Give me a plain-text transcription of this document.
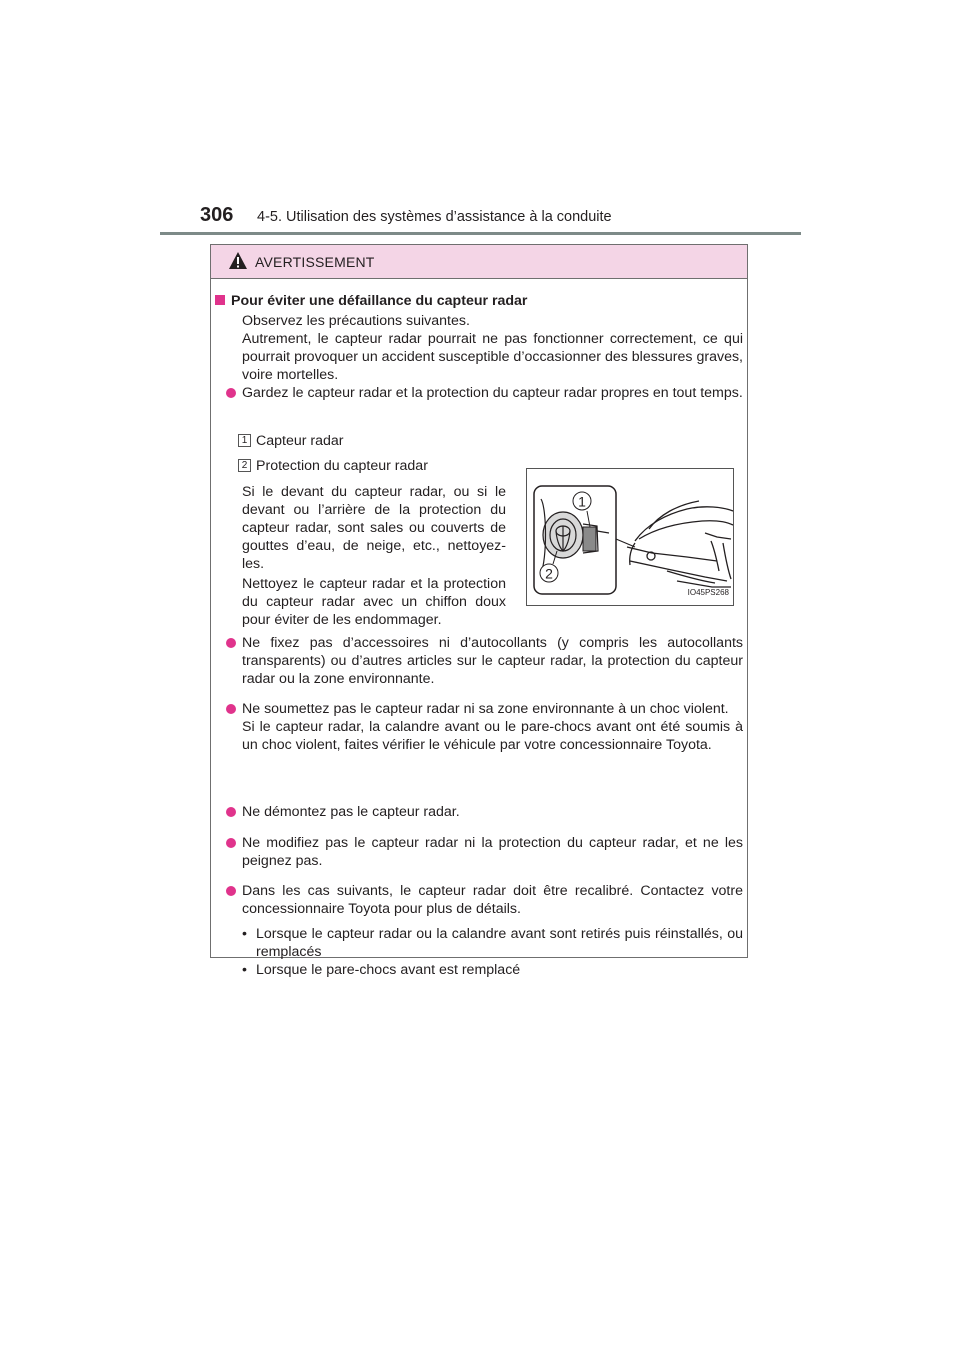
306 4-5. Utilisation des systèmes d’assistance à la conduite
AVERTISSEMENT
Pour éviter une défaillance du capteur radar
Observez les précautions suivantes.
Autrement, le capteur radar pourrait ne pas fonctionner correctement, ce qui pourrait provoquer un accident susceptible d’occasionner des blessures graves, voire mortelles.
Gardez le capteur radar et la protection du capteur radar propres en tout temps.
1 Capteur radar
2 Protection du capteur radar
Si le devant du capteur radar, ou si le devant ou l’arrière de la protection du capteur radar, sont sales ou couverts de gouttes d’eau, de neige, etc., nettoyez-les.
Nettoyez le capteur radar et la protection du capteur radar avec un chiffon doux pour éviter de les endommager.
1
2
IO45PS268
Ne fixez pas d’accessoires ni d’autocollants (y compris les autocollants transparents) ou d’autres articles sur le capteur radar, la protection du capteur radar ou la zone environnante.
Ne soumettez pas le capteur radar ni sa zone environnante à un choc violent.
Si le capteur radar, la calandre avant ou le pare-chocs avant ont été soumis à un choc violent, faites vérifier le véhicule par votre concessionnaire Toyota.
Ne démontez pas le capteur radar.
Ne modifiez pas le capteur radar ni la protection du capteur radar, et ne les peignez pas.
Dans les cas suivants, le capteur radar doit être recalibré. Contactez votre concessionnaire Toyota pour plus de détails.
• Lorsque le capteur radar ou la calandre avant sont retirés puis réinstallés, ou remplacés
• Lorsque le pare-chocs avant est remplacé
